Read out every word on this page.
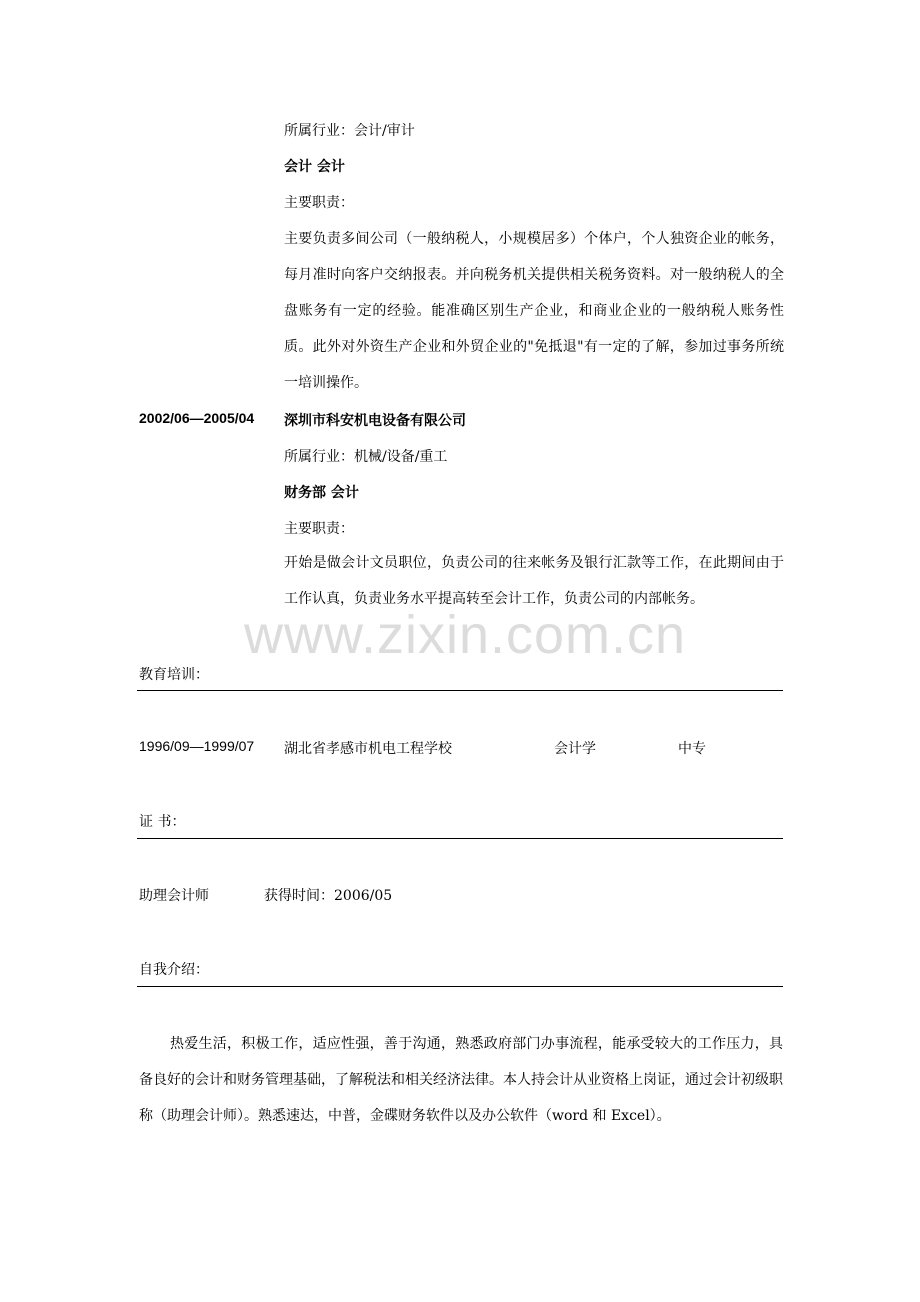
所属行业：会计/审计
会计 会计
主要职责：
主要负责多间公司（一般纳税人，小规模居多）个体户，个人独资企业的帐务，每月准时向客户交纳报表。并向税务机关提供相关税务资料。对一般纳税人的全盘账务有一定的经验。能准确区别生产企业，和商业企业的一般纳税人账务性质。此外对外资生产企业和外贸企业的"免抵退"有一定的了解，参加过事务所统一培训操作。
2002/06—2005/04 深圳市科安机电设备有限公司
所属行业：机械/设备/重工
财务部 会计
主要职责：
开始是做会计文员职位，负责公司的往来帐务及银行汇款等工作，在此期间由于工作认真，负责业务水平提高转至会计工作，负责公司的内部帐务。
www.zixin.com.cn
教育培训：
1996/09—1999/07 湖北省孝感市机电工程学校	会计学	中专
证 书：
助理会计师	获得时间：2006/05
自我介绍：
热爱生活，积极工作，适应性强，善于沟通，熟悉政府部门办事流程，能承受较大的工作压力，具备良好的会计和财务管理基础，了解税法和相关经济法律。本人持会计从业资格上岗证，通过会计初级职称（助理会计师）。熟悉速达，中普，金碟财务软件以及办公软件（word 和 Excel）。
